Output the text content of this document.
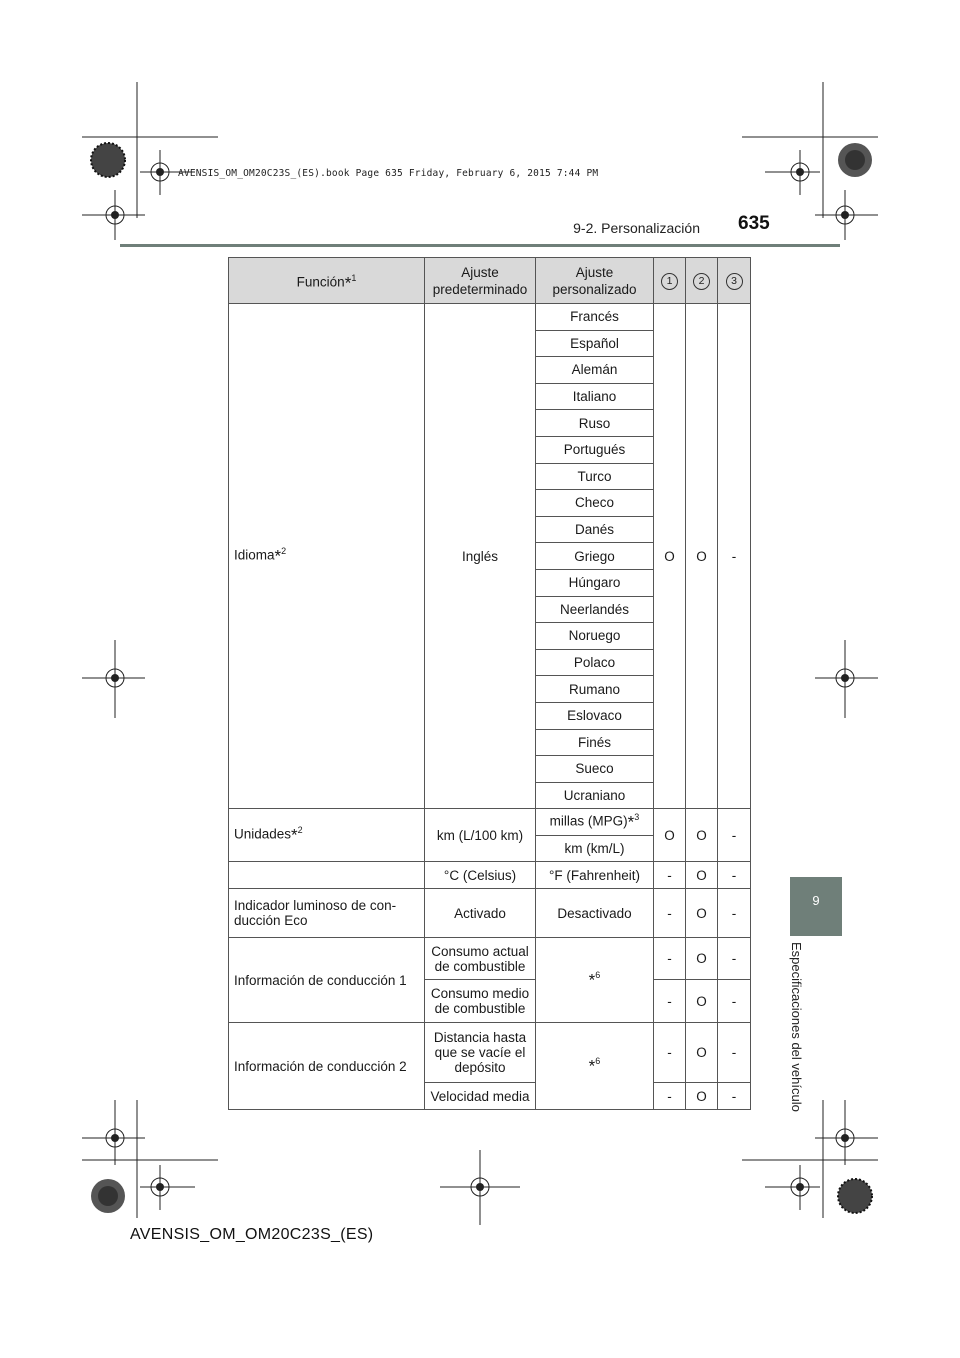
AVENSIS_OM_OM20C23S_(ES).book Page 635 Friday, February 6, 2015 7:44 PM
9-2. Personalización 635
9
Especificaciones del vehículo
Función*$^1$	Ajuste
predeterminado	Ajuste
personalizado	1	2	3
Idioma*$^2$	Inglés	Francés	O	O	-
		Español			
		Alemán			
		Italiano			
		Ruso			
		Portugués			
		Turco			
		Checo			
		Danés			
		Griego			
		Húngaro			
		Neerlandés			
		Noruego			
		Polaco			
		Rumano			
		Eslovaco			
		Finés			
		Sueco			
		Ucraniano			
Unidades*$^2$	km (L/100 km)	millas (MPG)*$^3$	O	O	-
		km (km/L)			
	°C (Celsius)	°F (Fahrenheit)	-	O	-
Indicador luminoso de con-
ducción Eco	Activado	Desactivado	-	O	-
Información de conducción 1	Consumo actual
de combustible	*$^6$	-	O	-
	Consumo medio
de combustible		-	O	-
Información de conducción 2	Distancia hasta
que se vacíe el
depósito	*$^6$	-	O	-
	Velocidad media		-	O	-
AVENSIS_OM_OM20C23S_(ES)
